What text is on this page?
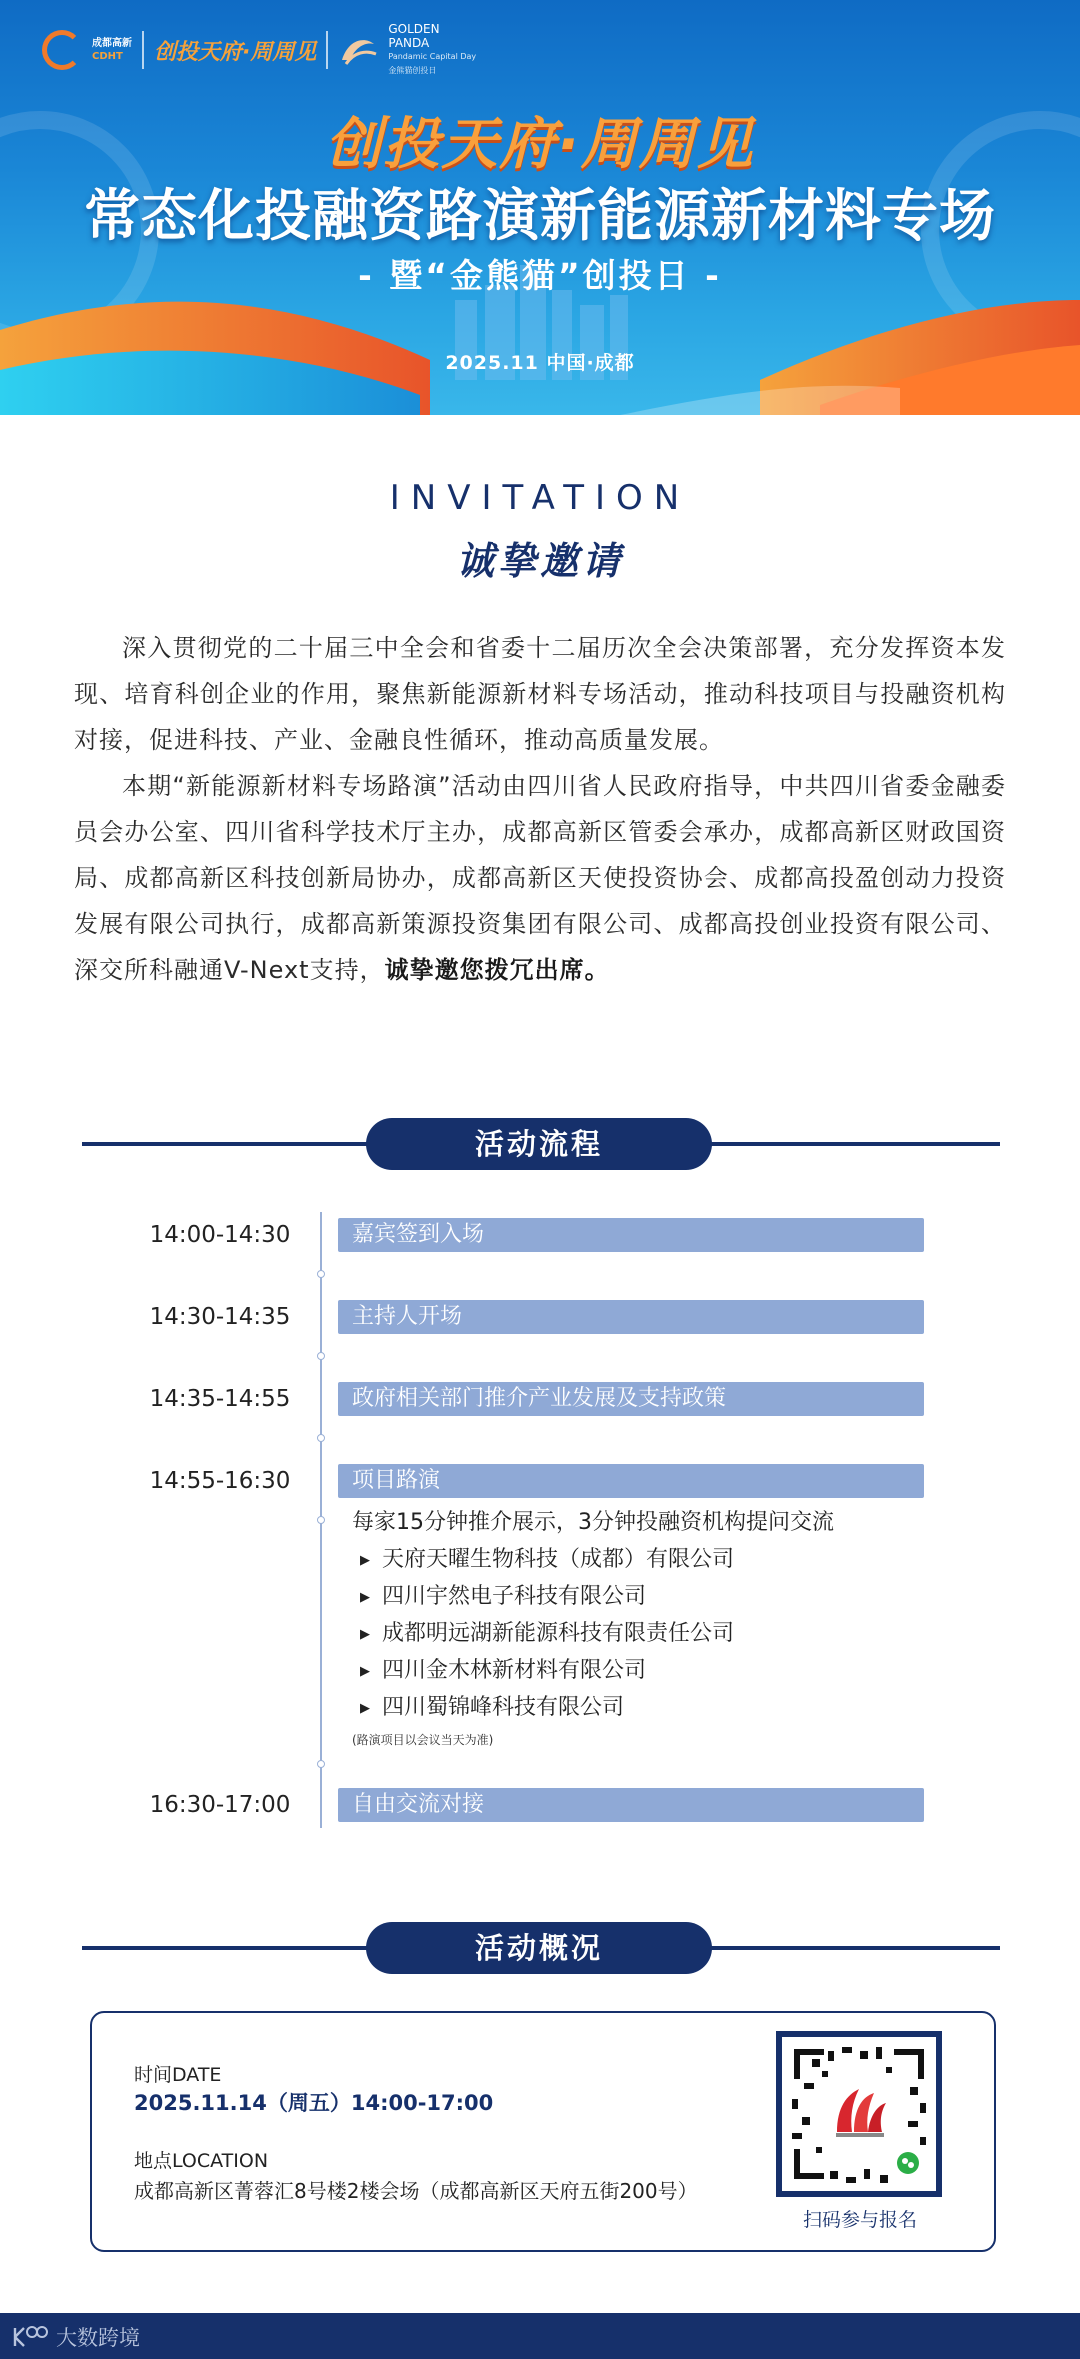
成都高新
CDHT	创投天府·周周见
GOLDEN
PANDA
Pandamic Capital Day
金熊猫创投日
创投天府·周周见
常态化投融资路演新能源新材料专场
- 暨“金熊猫”创投日 -
2025.11 中国·成都
INVITATION
诚挚邀请

深入贯彻党的二十届三中全会和省委十二届历次全会决策部署，充分发挥资本发现、培育科创企业的作用，聚焦新能源新材料专场活动，推动科技项目与投融资机构对接，促进科技、产业、金融良性循环，推动高质量发展。

本期“新能源新材料专场路演”活动由四川省人民政府指导，中共四川省委金融委员会办公室、四川省科学技术厅主办，成都高新区管委会承办，成都高新区财政国资局、成都高新区科技创新局协办，成都高新区天使投资协会、成都高投盈创动力投资发展有限公司执行，成都高新策源投资集团有限公司、成都高投创业投资有限公司、深交所科融通V-Next支持，诚挚邀您拨冗出席。

活动流程
14:00-14:30	嘉宾签到入场
14:30-14:35	主持人开场
14:35-14:55	政府相关部门推介产业发展及支持政策
14:55-16:30	项目路演
每家15分钟推介展示，3分钟投融资机构提问交流
▶ 天府天曜生物科技（成都）有限公司
▶ 四川宇然电子科技有限公司
▶ 成都明远湖新能源科技有限责任公司
▶ 四川金木林新材料有限公司
▶ 四川蜀锦峰科技有限公司
(路演项目以会议当天为准)
16:30-17:00	自由交流对接
活动概况
时间DATE
2025.11.14（周五）14:00-17:00
地点LOCATION
成都高新区菁蓉汇8号楼2楼会场（成都高新区天府五街200号）
扫码参与报名
大数跨境
